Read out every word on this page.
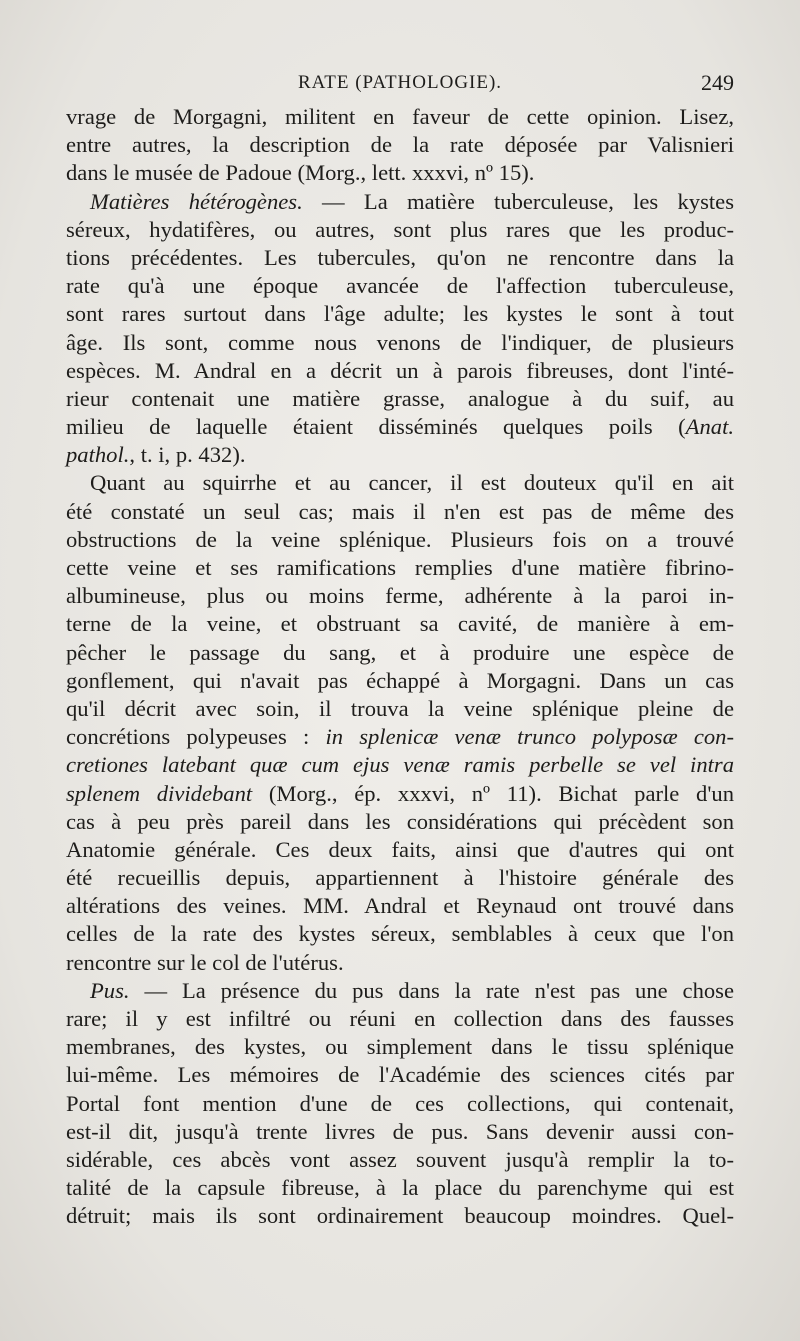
RATE (PATHOLOGIE).	249
vrage de Morgagni, militent en faveur de cette opinion. Lisez,
entre autres, la description de la rate déposée par Valisnieri
dans le musée de Padoue (Morg., lett. xxxvi, nº 15).
Matières hétérogènes. — La matière tuberculeuse, les kystes
séreux, hydatifères, ou autres, sont plus rares que les produc-
tions précédentes. Les tubercules, qu'on ne rencontre dans la
rate qu'à une époque avancée de l'affection tuberculeuse,
sont rares surtout dans l'âge adulte; les kystes le sont à tout
âge. Ils sont, comme nous venons de l'indiquer, de plusieurs
espèces. M. Andral en a décrit un à parois fibreuses, dont l'inté-
rieur contenait une matière grasse, analogue à du suif, au
milieu de laquelle étaient disséminés quelques poils (Anat.
pathol., t. i, p. 432).
Quant au squirrhe et au cancer, il est douteux qu'il en ait
été constaté un seul cas; mais il n'en est pas de même des
obstructions de la veine splénique. Plusieurs fois on a trouvé
cette veine et ses ramifications remplies d'une matière fibrino-
albumineuse, plus ou moins ferme, adhérente à la paroi in-
terne de la veine, et obstruant sa cavité, de manière à em-
pêcher le passage du sang, et à produire une espèce de
gonflement, qui n'avait pas échappé à Morgagni. Dans un cas
qu'il décrit avec soin, il trouva la veine splénique pleine de
concrétions polypeuses : in splenicæ venæ trunco polyposæ con-
cretiones latebant quæ cum ejus venæ ramis perbelle se vel intra
splenem dividebant (Morg., ép. xxxvi, nº 11). Bichat parle d'un
cas à peu près pareil dans les considérations qui précèdent son
Anatomie générale. Ces deux faits, ainsi que d'autres qui ont
été recueillis depuis, appartiennent à l'histoire générale des
altérations des veines. MM. Andral et Reynaud ont trouvé dans
celles de la rate des kystes séreux, semblables à ceux que l'on
rencontre sur le col de l'utérus.
Pus. — La présence du pus dans la rate n'est pas une chose
rare; il y est infiltré ou réuni en collection dans des fausses
membranes, des kystes, ou simplement dans le tissu splénique
lui-même. Les mémoires de l'Académie des sciences cités par
Portal font mention d'une de ces collections, qui contenait,
est-il dit, jusqu'à trente livres de pus. Sans devenir aussi con-
sidérable, ces abcès vont assez souvent jusqu'à remplir la to-
talité de la capsule fibreuse, à la place du parenchyme qui est
détruit; mais ils sont ordinairement beaucoup moindres. Quel-
